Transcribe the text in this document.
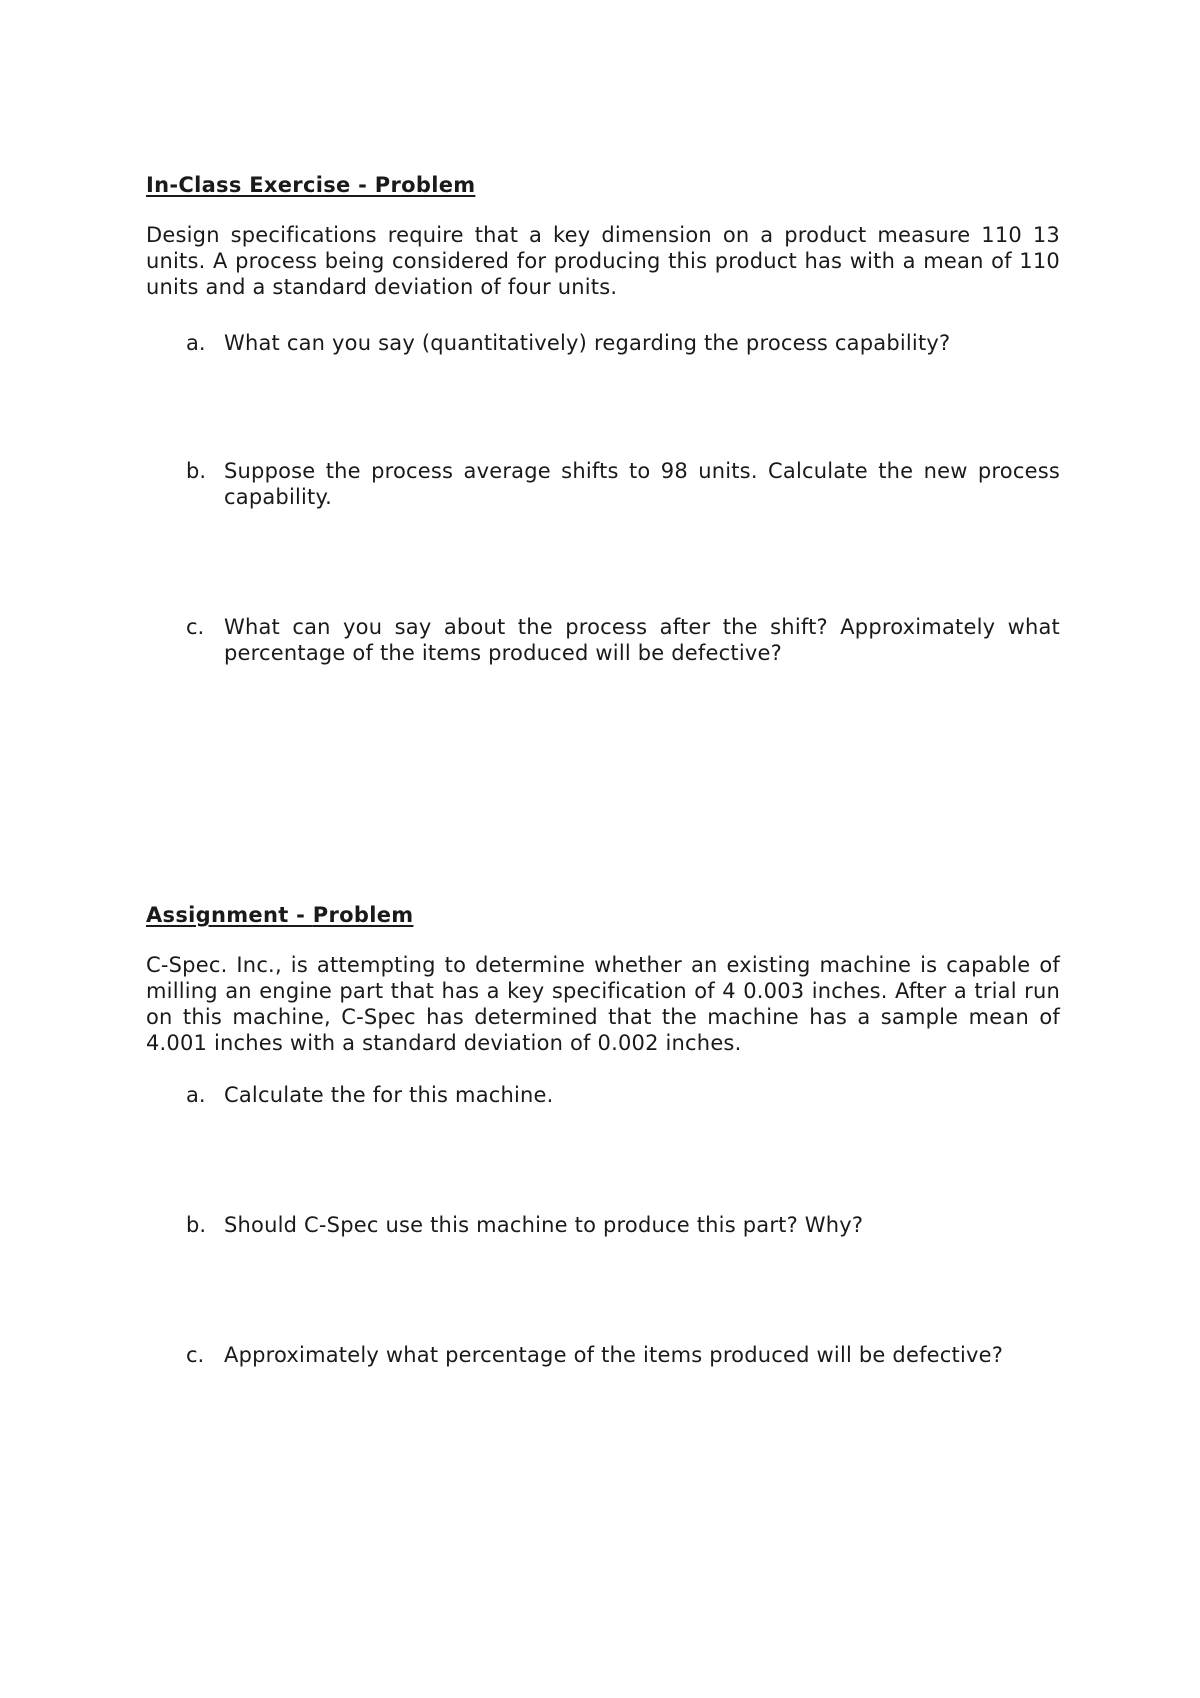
In-Class Exercise - Problem

Design specifications require that a key dimension on a product measure 110 13 units. A process being considered for producing this product has with a mean of 110 units and a standard deviation of four units.

a. What can you say (quantitatively) regarding the process capability?
b. Suppose the process average shifts to 98 units. Calculate the new process capability.
c. What can you say about the process after the shift? Approximately what percentage of the items produced will be defective?

Assignment - Problem

C-Spec. Inc., is attempting to determine whether an existing machine is capable of milling an engine part that has a key specification of 4 0.003 inches. After a trial run on this machine, C-Spec has determined that the machine has a sample mean of 4.001 inches with a standard deviation of 0.002 inches.

a. Calculate the for this machine.
b. Should C-Spec use this machine to produce this part? Why?
c. Approximately what percentage of the items produced will be defective?
